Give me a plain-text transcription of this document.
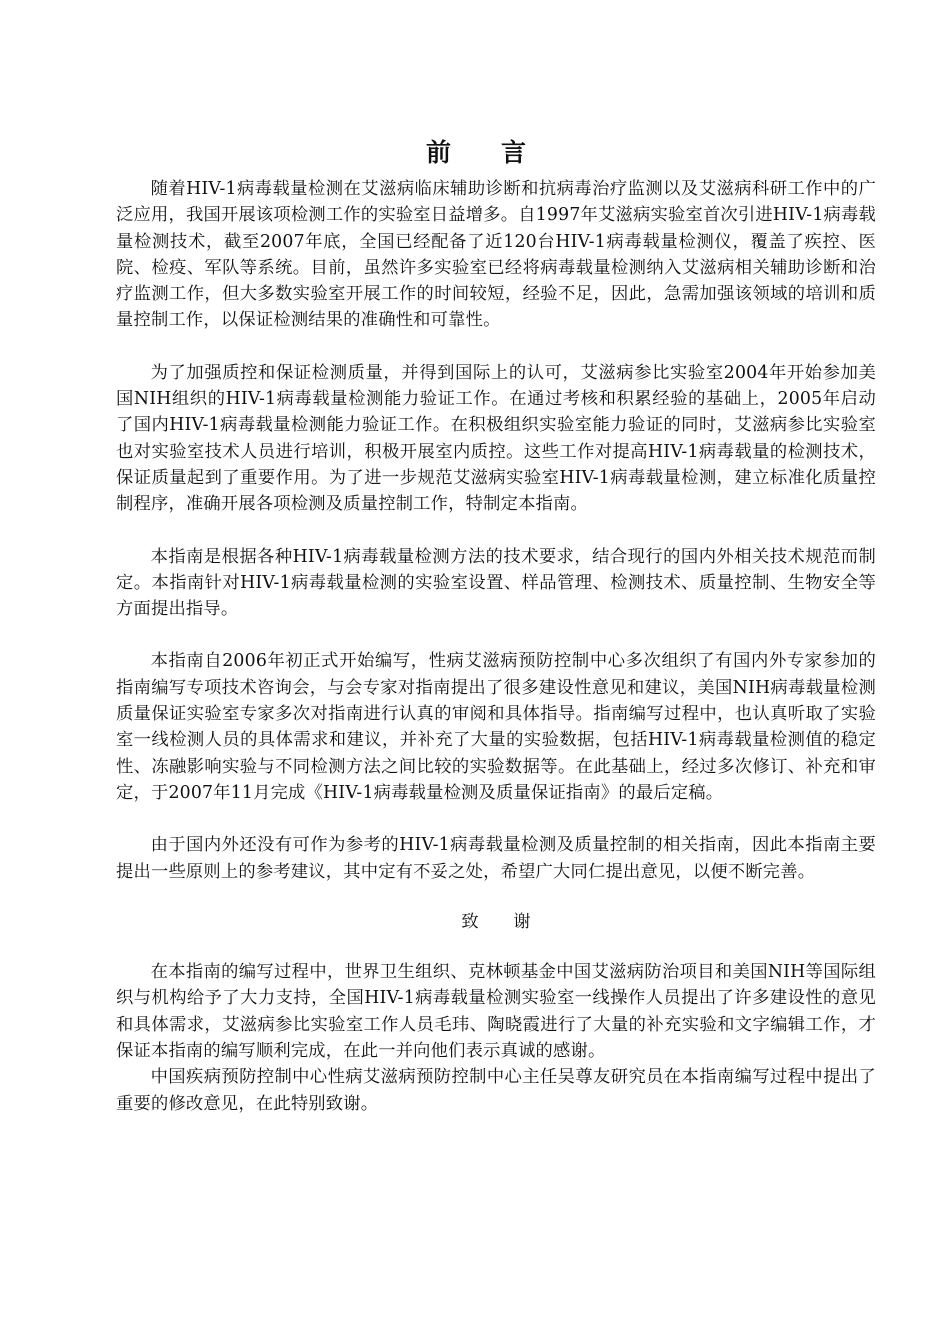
前　　言

随着HIV-1病毒载量检测在艾滋病临床辅助诊断和抗病毒治疗监测以及艾滋病科研工作中的广泛应用，我国开展该项检测工作的实验室日益增多。自1997年艾滋病实验室首次引进HIV-1病毒载量检测技术，截至2007年底，全国已经配备了近120台HIV-1病毒载量检测仪，覆盖了疾控、医院、检疫、军队等系统。目前，虽然许多实验室已经将病毒载量检测纳入艾滋病相关辅助诊断和治疗监测工作，但大多数实验室开展工作的时间较短，经验不足，因此，急需加强该领域的培训和质量控制工作，以保证检测结果的准确性和可靠性。

为了加强质控和保证检测质量，并得到国际上的认可，艾滋病参比实验室2004年开始参加美国NIH组织的HIV-1病毒载量检测能力验证工作。在通过考核和积累经验的基础上，2005年启动了国内HIV-1病毒载量检测能力验证工作。在积极组织实验室能力验证的同时，艾滋病参比实验室也对实验室技术人员进行培训，积极开展室内质控。这些工作对提高HIV-1病毒载量的检测技术，保证质量起到了重要作用。为了进一步规范艾滋病实验室HIV-1病毒载量检测，建立标准化质量控制程序，准确开展各项检测及质量控制工作，特制定本指南。

本指南是根据各种HIV-1病毒载量检测方法的技术要求，结合现行的国内外相关技术规范而制定。本指南针对HIV-1病毒载量检测的实验室设置、样品管理、检测技术、质量控制、生物安全等方面提出指导。

本指南自2006年初正式开始编写，性病艾滋病预防控制中心多次组织了有国内外专家参加的指南编写专项技术咨询会，与会专家对指南提出了很多建设性意见和建议，美国NIH病毒载量检测质量保证实验室专家多次对指南进行认真的审阅和具体指导。指南编写过程中，也认真听取了实验室一线检测人员的具体需求和建议，并补充了大量的实验数据，包括HIV-1病毒载量检测值的稳定性、冻融影响实验与不同检测方法之间比较的实验数据等。在此基础上，经过多次修订、补充和审定，于2007年11月完成《HIV-1病毒载量检测及质量保证指南》的最后定稿。

由于国内外还没有可作为参考的HIV-1病毒载量检测及质量控制的相关指南，因此本指南主要提出一些原则上的参考建议，其中定有不妥之处，希望广大同仁提出意见，以便不断完善。

致　　谢

在本指南的编写过程中，世界卫生组织、克林顿基金中国艾滋病防治项目和美国NIH等国际组织与机构给予了大力支持，全国HIV-1病毒载量检测实验室一线操作人员提出了许多建设性的意见和具体需求，艾滋病参比实验室工作人员毛玮、陶晓霞进行了大量的补充实验和文字编辑工作，才保证本指南的编写顺利完成，在此一并向他们表示真诚的感谢。

中国疾病预防控制中心性病艾滋病预防控制中心主任吴尊友研究员在本指南编写过程中提出了重要的修改意见，在此特别致谢。
